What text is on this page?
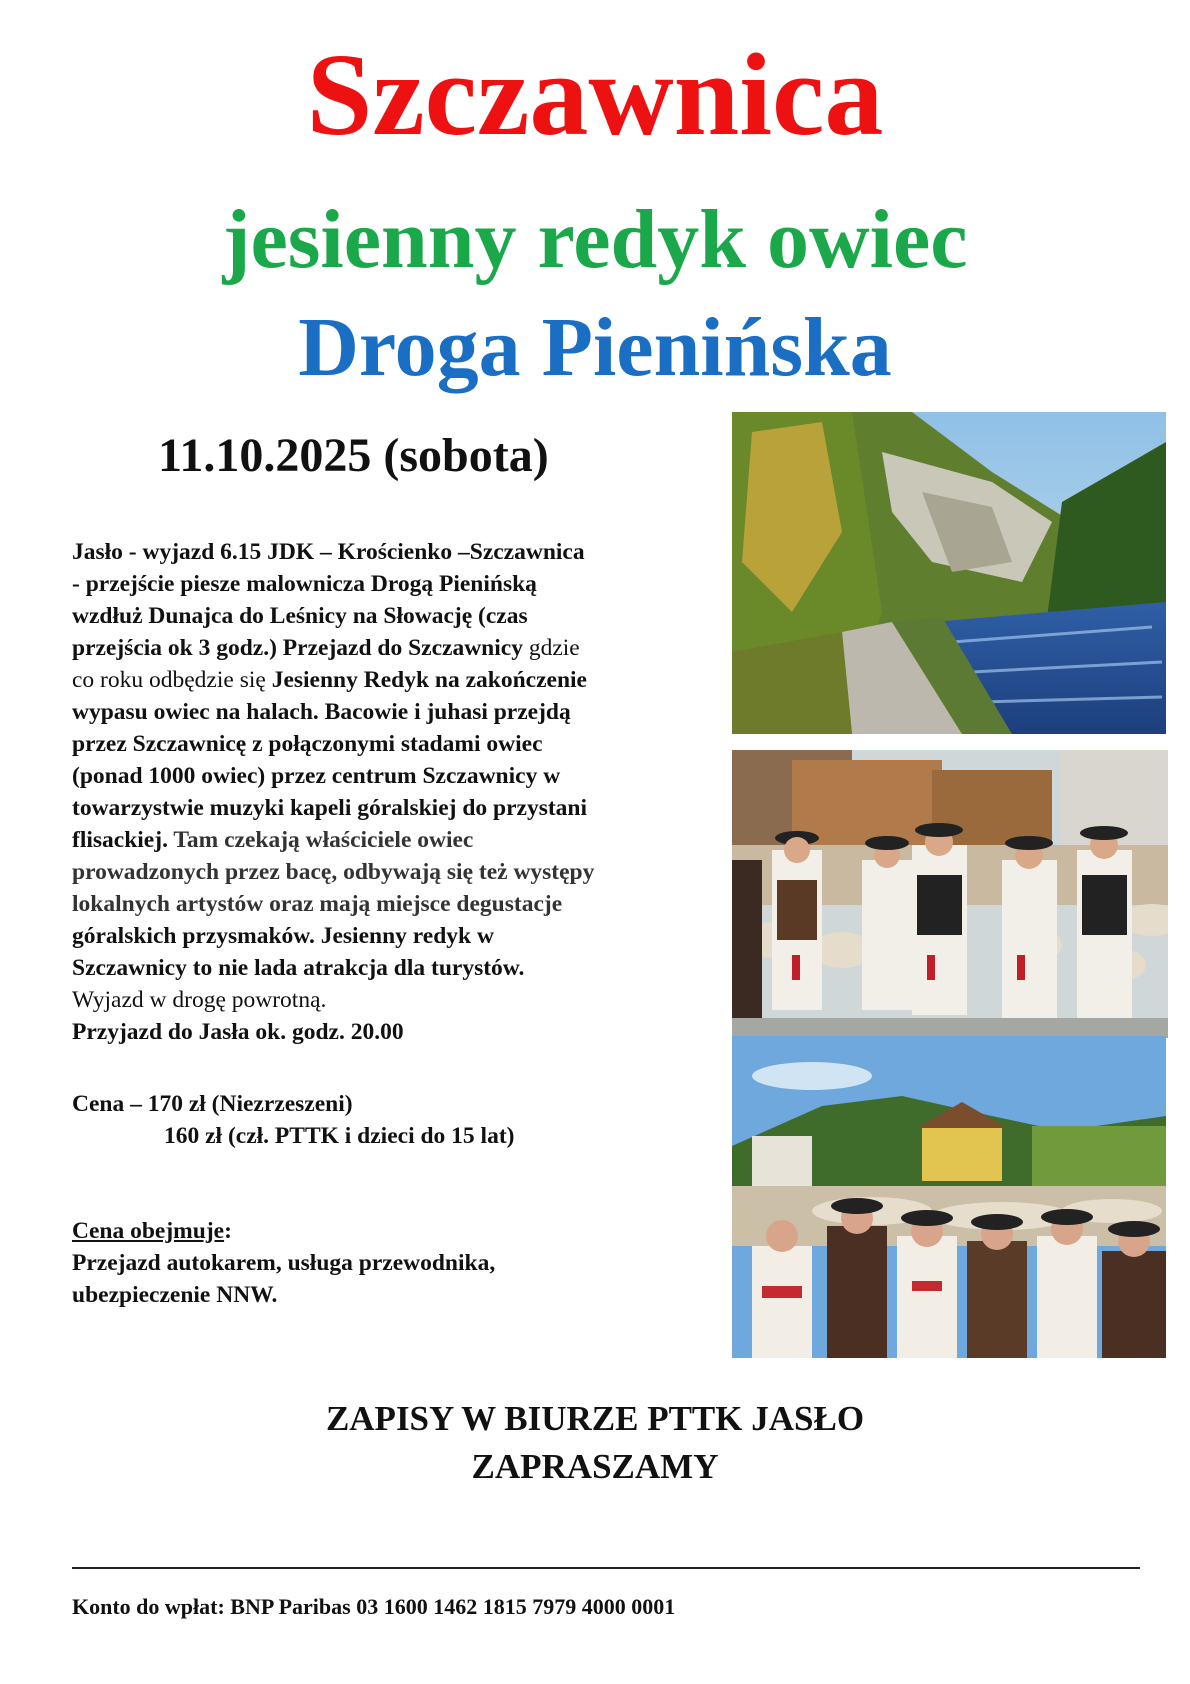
Szczawnica
jesienny redyk owiec
Droga Pienińska
11.10.2025 (sobota)
Jasło - wyjazd 6.15 JDK – Krościenko –Szczawnica
- przejście piesze malownicza Drogą Pienińską
wzdłuż Dunajca do Leśnicy na Słowację (czas
przejścia ok 3 godz.) Przejazd do Szczawnicy gdzie
co roku odbędzie się Jesienny Redyk na zakończenie
wypasu owiec na halach. Bacowie i juhasi przejdą
przez Szczawnicę z połączonymi stadami owiec
(ponad 1000 owiec) przez centrum Szczawnicy w
towarzystwie muzyki kapeli góralskiej do przystani
flisackiej. Tam czekają właściciele owiec
prowadzonych przez bacę, odbywają się też występy
lokalnych artystów oraz mają miejsce degustacje
góralskich przysmaków. Jesienny redyk w
Szczawnicy to nie lada atrakcja dla turystów.
Wyjazd w drogę powrotną.
Przyjazd do Jasła ok. godz. 20.00
Cena – 170 zł (Niezrzeszeni)
160 zł (czł. PTTK i dzieci do 15 lat)
Cena obejmuje:
Przejazd autokarem, usługa przewodnika,
ubezpieczenie NNW.
ZAPISY W BIURZE PTTK JASŁO
ZAPRASZAMY
Konto do wpłat: BNP Paribas 03 1600 1462 1815 7979 4000 0001
